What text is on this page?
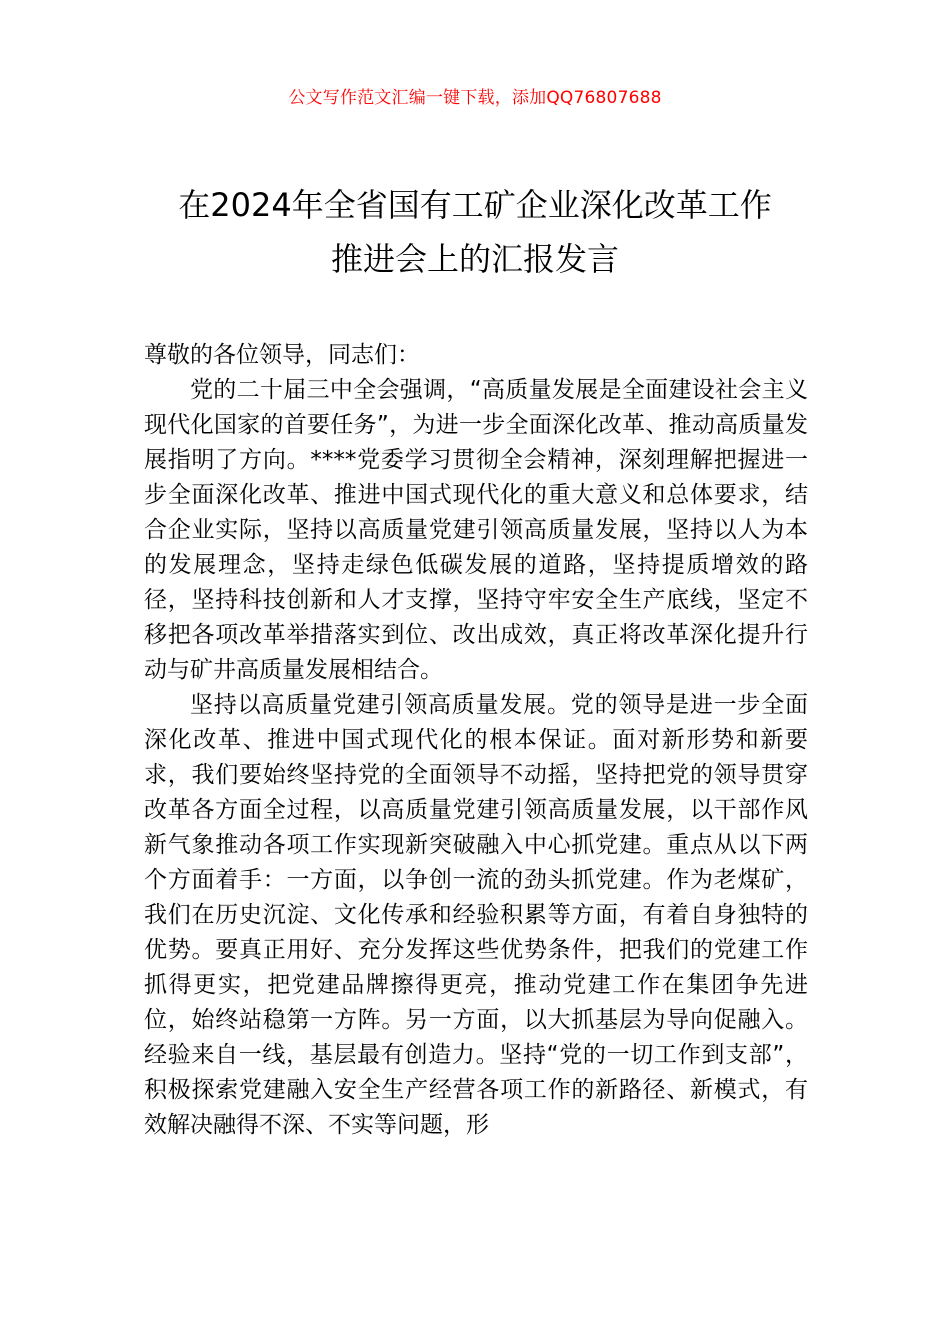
公文写作范文汇编一键下载，添加QQ76807688
在2024年全省国有工矿企业深化改革工作
推进会上的汇报发言

尊敬的各位领导，同志们：

党的二十届三中全会强调，“高质量发展是全面建设社会主义现代化国家的首要任务”，为进一步全面深化改革、推动高质量发展指明了方向。****党委学习贯彻全会精神，深刻理解把握进一步全面深化改革、推进中国式现代化的重大意义和总体要求，结合企业实际，坚持以高质量党建引领高质量发展，坚持以人为本的发展理念，坚持走绿色低碳发展的道路，坚持提质增效的路径，坚持科技创新和人才支撑，坚持守牢安全生产底线，坚定不移把各项改革举措落实到位、改出成效，真正将改革深化提升行动与矿井高质量发展相结合。

坚持以高质量党建引领高质量发展。党的领导是进一步全面深化改革、推进中国式现代化的根本保证。面对新形势和新要求，我们要始终坚持党的全面领导不动摇，坚持把党的领导贯穿改革各方面全过程，以高质量党建引领高质量发展，以干部作风新气象推动各项工作实现新突破融入中心抓党建。重点从以下两个方面着手：一方面，以争创一流的劲头抓党建。作为老煤矿，我们在历史沉淀、文化传承和经验积累等方面，有着自身独特的优势。要真正用好、充分发挥这些优势条件，把我们的党建工作抓得更实，把党建品牌擦得更亮，推动党建工作在集团争先进位，始终站稳第一方阵。另一方面，以大抓基层为导向促融入。经验来自一线，基层最有创造力。坚持“党的一切工作到支部”，积极探索党建融入安全生产经营各项工作的新路径、新模式，有效解决融得不深、不实等问题，形
